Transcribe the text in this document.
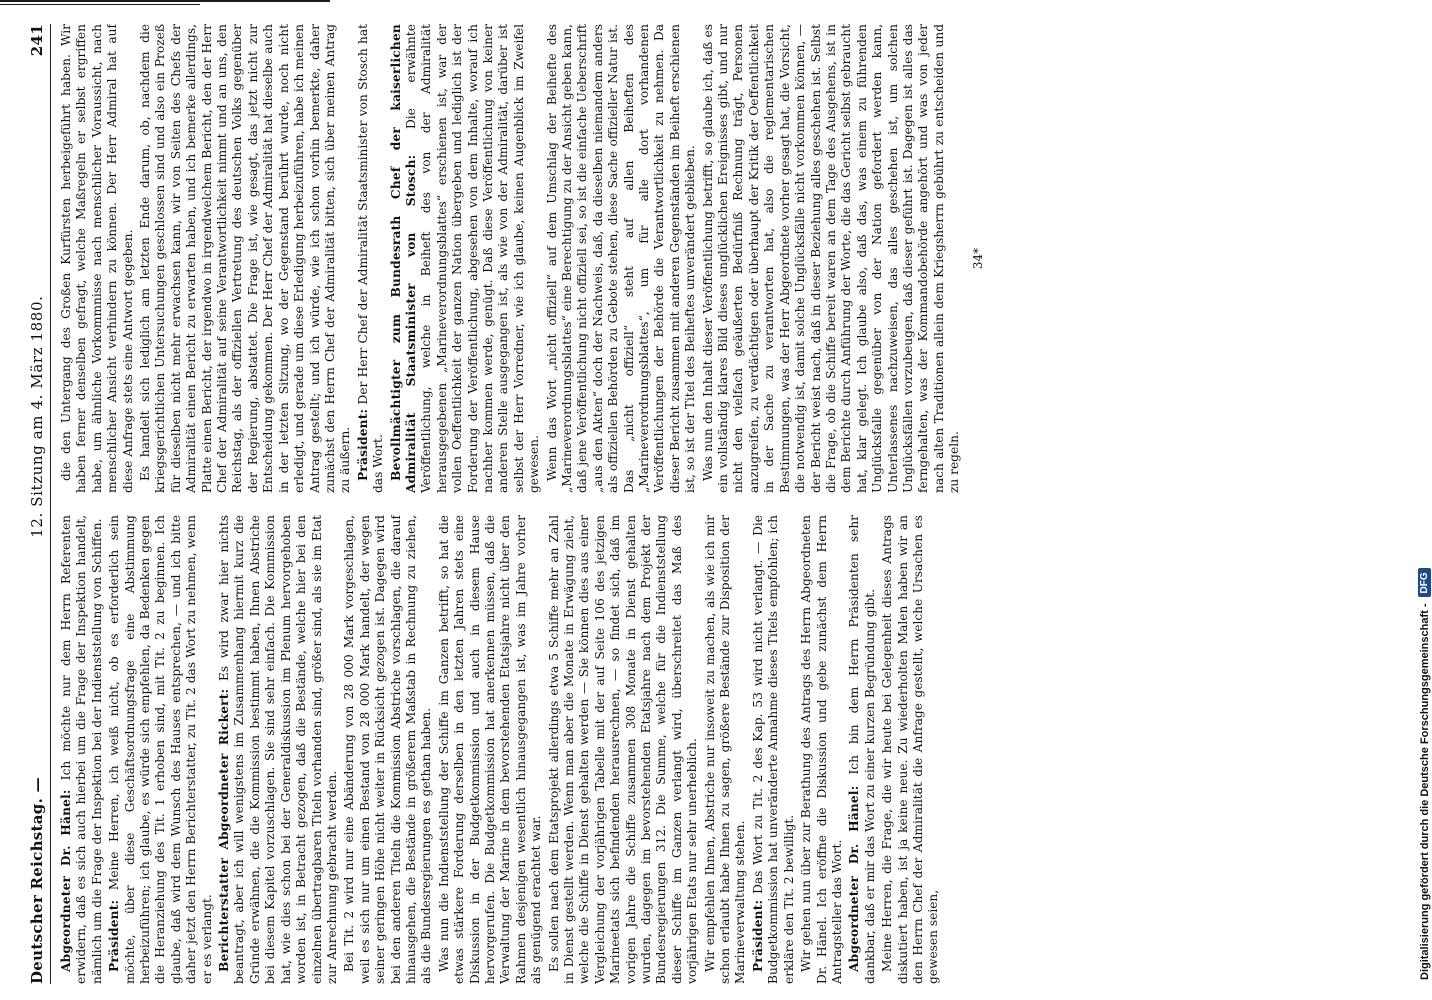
Deutscher Reichstag. —
12. Sitzung am 4. März 1880.
241

Abgeordneter Dr. Hänel: Ich möchte nur dem Herrn Referenten erwidern, daß es sich auch hierbei um die Frage der Inspektion handelt, nämlich um die Frage der Inspektion bei der Indienststellung von Schiffen. Präsident: Meine Herren, ich weiß nicht, ob es erforderlich sein möchte, über diese Geschäftsordnungsfrage eine Abstimmung herbeizuführen; ich glaube, es würde sich empfehlen, da Bedenken gegen die Heranziehung des Tit. 1 erhoben sind, mit Tit. 2 zu beginnen. Ich glaube, daß wird dem Wunsch des Hauses entsprechen, — und ich bitte daher jetzt den Herrn Berichterstatter, zu Tit. 2 das Wort zu nehmen, wenn er es verlangt. Berichterstatter Abgeordneter Rickert: Es wird zwar hier nichts beantragt, aber ich will wenigstens im Zusammenhang hiermit kurz die Gründe erwähnen, die die Kommission bestimmt haben, Ihnen Abstriche bei diesem Kapitel vorzuschlagen. Sie sind sehr einfach. Die Kommission hat, wie dies schon bei der Generaldiskussion im Plenum hervorgehoben worden ist, in Betracht gezogen, daß die Bestände, welche hier bei den einzelnen übertragbaren Titeln vorhanden sind, größer sind, als sie im Etat zur Anrechnung gebracht werden. Bei Tit. 2 wird nur eine Abänderung von 28 000 Mark vorgeschlagen, weil es sich nur um einen Bestand von 28 000 Mark handelt, der wegen seiner geringen Höhe nicht weiter in Rücksicht gezogen ist. Dagegen wird bei den anderen Titeln die Kommission Abstriche vorschlagen, die darauf hinausgehen, die Bestände in größerem Maßstab in Rechnung zu ziehen, als die Bundesregierungen es gethan haben. Was nun die Indienststellung der Schiffe im Ganzen betrifft, so hat die etwas stärkere Forderung derselben in den letzten Jahren stets eine Diskussion in der Budgetkommission und auch in diesem Hause hervorgerufen. Die Budgetkommission hat anerkennen müssen, daß die Verwaltung der Marine in dem bevorstehenden Etatsjahre nicht über den Rahmen desjenigen wesentlich hinausgegangen ist, was im Jahre vorher als genügend erachtet war. Es sollen nach dem Etatsprojekt allerdings etwa 5 Schiffe mehr an Zahl in Dienst gestellt werden. Wenn man aber die Monate in Erwägung zieht, welche die Schiffe in Dienst gehalten werden — Sie können dies aus einer Vergleichung der vorjährigen Tabelle mit der auf Seite 106 des jetzigen Marineetats sich befindenden herausrechnen, — so findet sich, daß im vorigen Jahre die Schiffe zusammen 308 Monate in Dienst gehalten wurden, dagegen im bevorstehenden Etatsjahre nach dem Projekt der Bundesregierungen 312. Die Summe, welche für die Indienststellung dieser Schiffe im Ganzen verlangt wird, überschreitet das Maß des vorjährigen Etats nur sehr unerheblich. Wir empfehlen Ihnen, Abstriche nur insoweit zu machen, als wie ich mir schon erlaubt habe Ihnen zu sagen, größere Bestände zur Disposition der Marineverwaltung stehen. Präsident: Das Wort zu Tit. 2 des Kap. 53 wird nicht verlangt. — Die Budgetkommission hat unveränderte Annahme dieses Titels empfohlen; ich erkläre den Tit. 2 bewilligt. Wir gehen nun über zur Berathung des Antrags des Herrn Abgeordneten Dr. Hänel. Ich eröffne die Diskussion und gebe zunächst dem Herrn Antragsteller das Wort. Abgeordneter Dr. Hänel: Ich bin dem Herrn Präsidenten sehr dankbar, daß er mir das Wort zu einer kurzen Begründung gibt. Meine Herren, die Frage, die wir heute bei Gelegenheit dieses Antrags diskutiert haben, ist ja keine neue. Zu wiederholten Malen haben wir an den Herrn Chef der Admiralität die Anfrage gestellt, welche Ursachen es gewesen seien,

die den Untergang des Großen Kurfürsten herbeigeführt haben. Wir haben ferner denselben gefragt, welche Maßregeln er selbst ergriffen habe, um ähnliche Vorkommnisse nach menschlicher Voraussicht, nach menschlicher Ansicht verhindern zu können. Der Herr Admiral hat auf diese Anfrage stets eine Antwort gegeben. Es handelt sich lediglich am letzten Ende darum, ob, nachdem die kriegsgerichtlichen Untersuchungen geschlossen sind und also ein Prozeß für dieselben nicht mehr erwachsen kann, wir von Seiten des Chefs der Admiralität einen Bericht zu erwarten haben, und ich bemerke allerdings, Platte einen Bericht, der irgendwo in irgendwelchem Bericht, den der Herr Chef der Admiralität auf seine Verantwortlichkeit nimmt und an uns, den Reichstag, als der offiziellen Vertretung des deutschen Volks gegenüber der Regierung, abstattet. Die Frage ist, wie gesagt, das jetzt nicht zur Entscheidung gekommen. Der Herr Chef der Admiralität hat dieselbe auch in der letzten Sitzung, wo der Gegenstand berührt wurde, noch nicht erledigt, und gerade um diese Erledigung herbeizuführen, habe ich meinen Antrag gestellt; und ich würde, wie ich schon vorhin bemerkte, daher zunächst den Herrn Chef der Admiralität bitten, sich über meinen Antrag zu äußern. Präsident: Der Herr Chef der Admiralität Staatsminister von Stosch hat das Wort. Bevollmächtigter zum Bundesrath Chef der kaiserlichen Admiralität Staatsminister von Stosch: Die erwähnte Veröffentlichung, welche in Beiheft des von der Admiralität herausgegebenen „Marineverordnungsblattes“ erschienen ist, war der vollen Oeffentlichkeit der ganzen Nation übergeben und lediglich ist der Forderung der Veröffentlichung, abgesehen von dem Inhalte, worauf ich nachher kommen werde, genügt. Daß diese Veröffentlichung von keiner anderen Stelle ausgegangen ist, als wie von der Admiralität, darüber ist selbst der Herr Vorredner, wie ich glaube, keinen Augenblick im Zweifel gewesen. Wenn das Wort „nicht offiziell“ auf dem Umschlag der Beihefte des „Marineverordnungsblattes“ eine Berechtigung zu der Ansicht geben kann, daß jene Veröffentlichung nicht offiziell sei, so ist die einfache Ueberschrift „aus den Akten“ doch der Nachweis, daß, da dieselben niemandem anders als offiziellen Behörden zu Gebote stehen, diese Sache offizieller Natur ist. Das „nicht offiziell“ steht auf allen Beiheften des „Marineverordnungsblattes“, um für alle dort vorhandenen Veröffentlichungen der Behörde die Verantwortlichkeit zu nehmen. Da dieser Bericht zusammen mit anderen Gegenständen im Beiheft erschienen ist, so ist der Titel des Beiheftes unverändert geblieben. Was nun den Inhalt dieser Veröffentlichung betrifft, so glaube ich, daß es ein vollständig klares Bild dieses unglücklichen Ereignisses gibt, und nur nicht den vielfach geäußerten Bedürfniß Rechnung trägt, Personen anzugreifen, zu verdächtigen oder überhaupt der Kritik der Oeffentlichkeit in der Sache zu verantworten hat, also die reglementarischen Bestimmungen, was der Herr Abgeordnete vorher gesagt hat, die Vorsicht, die notwendig ist, damit solche Unglücksfälle nicht vorkommen können, — der Bericht weist nach, daß in dieser Beziehung alles geschehen ist. Selbst die Frage, ob die Schiffe bereit waren an dem Tage des Ausgehens, ist in dem Berichte durch Anführung der Worte, die das Gericht selbst gebraucht hat, klar gelegt. Ich glaube also, daß das, was einem zu führenden Unglücksfalle gegenüber von der Nation gefordert werden kann, Unterlassenes nachzuweisen, das alles geschehen ist, um solchen Unglücksfällen vorzubeugen, daß dieser geführt ist. Dagegen ist alles das ferngehalten, was der Kommandobehörde angehört und was von jeder nach alten Traditionen allein dem Kriegsherrn gebührt zu entscheiden und zu regeln.

34*
Digitalisierung gefördert durch die Deutsche Forschungsgemeinschaft -
DFG
